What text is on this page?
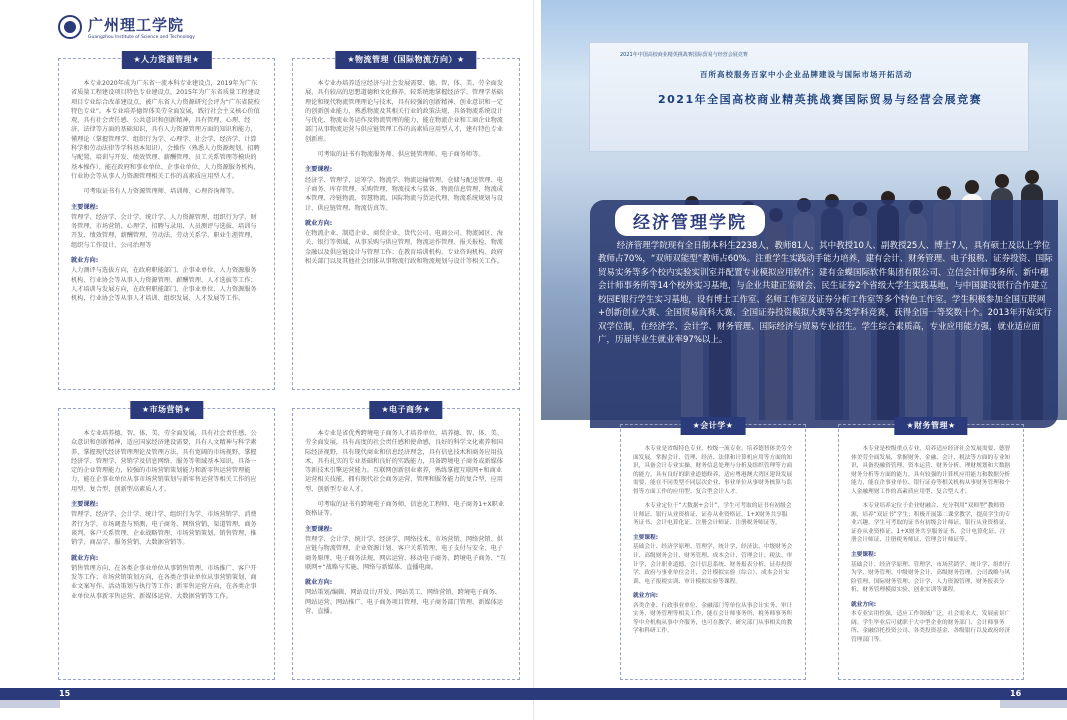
广州理工学院
Guangzhou Institute of Science and Technology
★人力资源管理★

本专业2020年成为广东省一流本科专业建设点，2019年为广东省质量工程建设项目特色专业建设点，2015年为广东省质量工程建设项目专业综合改革建设点，被广东省人力资源研究会评为“广东省院校特色专业”。本专业培养德智体美劳全面发展，践行社会主义核心价值观，具有社会责任感、公共意识和创新精神，具有管理、心理、经济、法律等方面的基础知识，具有人力资源管理方面的知识和能力，懂理论（掌握管理学、组织行为学、心理学、社会学、经济学、计算科学和劳动法律等学科基本知识），会操作（熟悉人力资源规划、招聘与配置、培训与开发、绩效管理、薪酬管理、员工关系管理等模块的基本操作），能在政府和事业单位、企事业单位、人力资源服务机构、行业协会等从事人力资源管理相关工作的高素质应用型人才。

可考取证书有人力资源管理师、培训师、心理咨询师等。

主要课程:
管理学、经济学、会计学、统计学、人力资源管理、组织行为学、财务管理、市场营销、心理学、招聘与录用、人员测评与选拔、培训与开发、绩效管理、薪酬管理、劳动法、劳动关系学、职业生涯管理、组织与工作设计、公司治理等
就业方向:
人力测评与选拔方向，在政府职能部门、企事业单位、人力资源服务机构、行业协会等从事人力资源管理、薪酬管理、人才选拔等工作；人才培训与发展方向，在政府职能部门、企事业单位、人力资源服务机构、行业协会等从事人才培训、组织发展、人才发展等工作。
★物流管理（国际物流方向）★

本专业办培养适应经济与社会发展需要、德、智、体、美、劳全面发展，具有较高的思想道德和文化修养，较系统地掌握经济学、管理学基础理论和现代物流管理理论与技术，具有较强的创新精神、创业意识和一定的创新创业能力，熟悉物流及其相关行业的政策法规，具备物流系统设计与优化、物流业务运作及物流管理的能力，能在物流企业和工商企业物流部门从事物流运营与供应链管理工作的高素质应用型人才，建有特色专业创新班。

可考取的证书有物流服务师、供应链管理师、电子商务师等。

主要课程:
经济学、管理学、运筹学、物流学、物流运输管理、仓储与配送管理、电子商务、库存管理、采购管理、物流技术与装备、物流信息管理、物流成本管理、冷链物流、智慧物流、国际物流与货运代理、物流系统规划与设计、供应链管理、物流仿真等。
就业方向:
在物流企业、制造企业、商贸企业、货代公司、电商公司、物流园区、海关、银行等领域，从事采购与供应管理、物流运作管理、报关报检、物流金融以及供应链设计与管理工作；在教育培训机构、专业咨询机构、政府相关部门以及其他社会团体从事物流行政和物流规划与设计等相关工作。
★市场营销★

本专业培养德、智、体、美、劳全面发展，具有社会责任感、公众意识和创新精神，适应国家经济建设需要，具有人文精神与科学素养，掌握现代经济管理理论及管理方法，具有宽阔的市场视野，掌握经济学、管理学、营销学及信息网络、服务等领域基本知识，具备一定的企业管理能力，较强的市场营销策划能力和新零售运营管理能力，能在企事业单位从事市场营销策划与新零售运营等相关工作的应用型、复合型、创新型高素质人才。

主要课程:
管理学、经济学、会计学、统计学、组织行为学、市场营销学、消费者行为学、市场调查与预测、电子商务、网络营销、渠道管理、商务谈判、客户关系管理、企业战略管理、市场营销策划、销售管理、推销学、商品学、服务营销、大数据营销等。
就业方向:
销售管理方向，在各类企事业单位从事销售管理、市场推广、客户开发等工作；市场营销策划方向，在各类企事业单位从事营销策划、商业文案写作、活动策划与执行等工作；新零售运营方向，在各类企事业单位从事新零售运营、新媒体运营、大数据营销等工作。
★电子商务★

本专业是省优秀跨境电子商务人才培养单位，培养德、智、体、美、劳全面发展，具有高度的社会责任感和使命感，良好的科学文化素养和国际经济视野，具有现代商业和信息经济理念，具有信息技术和商务应用技术，具有扎实的专业基础和良好的实践能力，具备跨境电子商务或新媒体等新技术引擎运营能力，互联网创新创业素养，熟练掌握互联网+和商业运营相关技能，拥有现代社会商务运营、管理和服务能力的复合型、应用型、创新型专业人才。

可考取的证书有跨境电子商务师、信息化工程师、电子商务1+X职业资格证等。

主要课程:
管理学、会计学、统计学、经济学、网络技术、市场营销、网络营销、供应链与物流管理、企业资源计划、客户关系管理、电子支付与安全、电子商务原理、电子商务法规、网店运营、移动电子商务、跨境电子商务、“互联网+”战略与实施、网络与新媒体、直播电商。
就业方向:
网站策划/编辑、网站设计/开发、网站美工、网络营销、跨境电子商务、网站运营、网站推广、电子商务项目管理、电子商务部门管理、新媒体运营、直播。
2021年中国高校商业精英挑战赛国际贸易与经营会展竞赛
百所高校服务百家中小企业品牌建设与国际市场开拓活动
2021年全国高校商业精英挑战赛国际贸易与经营会展竞赛
经济管理学院
经济管理学院现有全日制本科生2238人，教师81人，其中教授10人、副教授25人、博士7人，具有硕士及以上学位教师占70%，“双师双能型”教师占60%。注重学生实践动手能力培养，建有会计、财务管理、电子报税、证券投资、国际贸易实务等多个校内实验实训室并配置专业模拟应用软件；建有金蝶国际软件集团有限公司、立信会计师事务所、新中穗会计师事务所等14个校外实习基地，与企业共建正鉴财会、民生证券2个省级大学生实践基地，与中国建设银行合作建立校园E银行学生实习基地，设有博士工作室、名师工作室及证券分析工作室等多个特色工作室。学生积极参加全国互联网+创新创业大赛、全国贸易商科大赛、全国证券投资模拟大赛等各类学科竞赛，获得全国一等奖数十个。2013年开始实行双学位制，在经济学、会计学、财务管理、国际经济与贸易专业招生。学生综合素质高，专业应用能力强，就业适应面广，历届毕业生就业率97%以上。
★会计学★

本专业是省级特色专业、校级一流专业，培养德智体美劳全面发展，掌握会计、管理、经济、法律和计算机应用等方面的知识，具备会计专业实操、财务信息处理与分析及组织管理等方面的能力，具有良好的职业道德修养、适应粤港澳大湾区建设发展需要、能在不同类型不同层次企业、事业单位从事财务核算与监督等方面工作的应用型、复合型会计人才。

本专业定位于“大数据+会计”，学生可考取的证书有初级会计师证、银行从业资格证、证券从业资格证、1+X财务共享服务证书、会计电算化证、注册会计师证、注册税务师证等。

主要课程:
基础会计、经济学原理、管理学、统计学、经济法、中级财务会计、高级财务会计、财务管理、成本会计、管理会计、税法、审计学、会计职业道德、会计信息系统、财务报表分析、证券投资学、政府与事业单位会计、会计模拟实验（综合）、成本会计实训、电子报税实训、审计模拟实验等课程。
就业方向:
各类企业、行政事业单位、金融部门等单位从事会计实务、审计实务、财务管理等相关工作，能在会计师事务所、税务师事务所等中介机构从事中介服务，也可在教学、研究部门从事相关的教学和科研工作。
★财务管理★

本专业是校级重点专业，培养适应经济社会发展需要、德智体美劳全面发展，掌握财务、金融、会计、税法等方面的专业知识，具备投融资管理、资本运营、财务分析、理财规划和大数据财务分析等方面的能力，具有较强的计算机应用能力和数据分析能力，能在企事业单位、银行证券等相关机构从事财务管理和个人金融理财工作的高素质应用型、复合型人才。

本专业培养定位于企业财融合、充分利用“双师型”教师资源，培养“双证书”学生；积极开展第二课堂教学，提高学生的专业兴趣。学生可考取的证书有初级会计师证、银行从业资格证、证券从业资格证、1+X财务共享服务证书、会计电算化证、注册会计师证、注册税务师证、管理会计师证等。

主要课程:
基础会计、经济学原理、管理学、市场营销学、统计学、组织行为学、财务管理、中级财务会计、高级财务管理、公司战略与风险管理、国际财务管理、会计学、人力资源管理、财务报表分析、财务管理模拟实验、创业实训等课程。
就业方向:
本专业实用性强，适应工作领域广泛，社会需求大，发展前景广阔。学生毕业后可就职于大中型企业的财务部门、会计师事务所、金融信托投资公司、各类投资基金、各级银行以及政府经济管理部门等。
15	16
